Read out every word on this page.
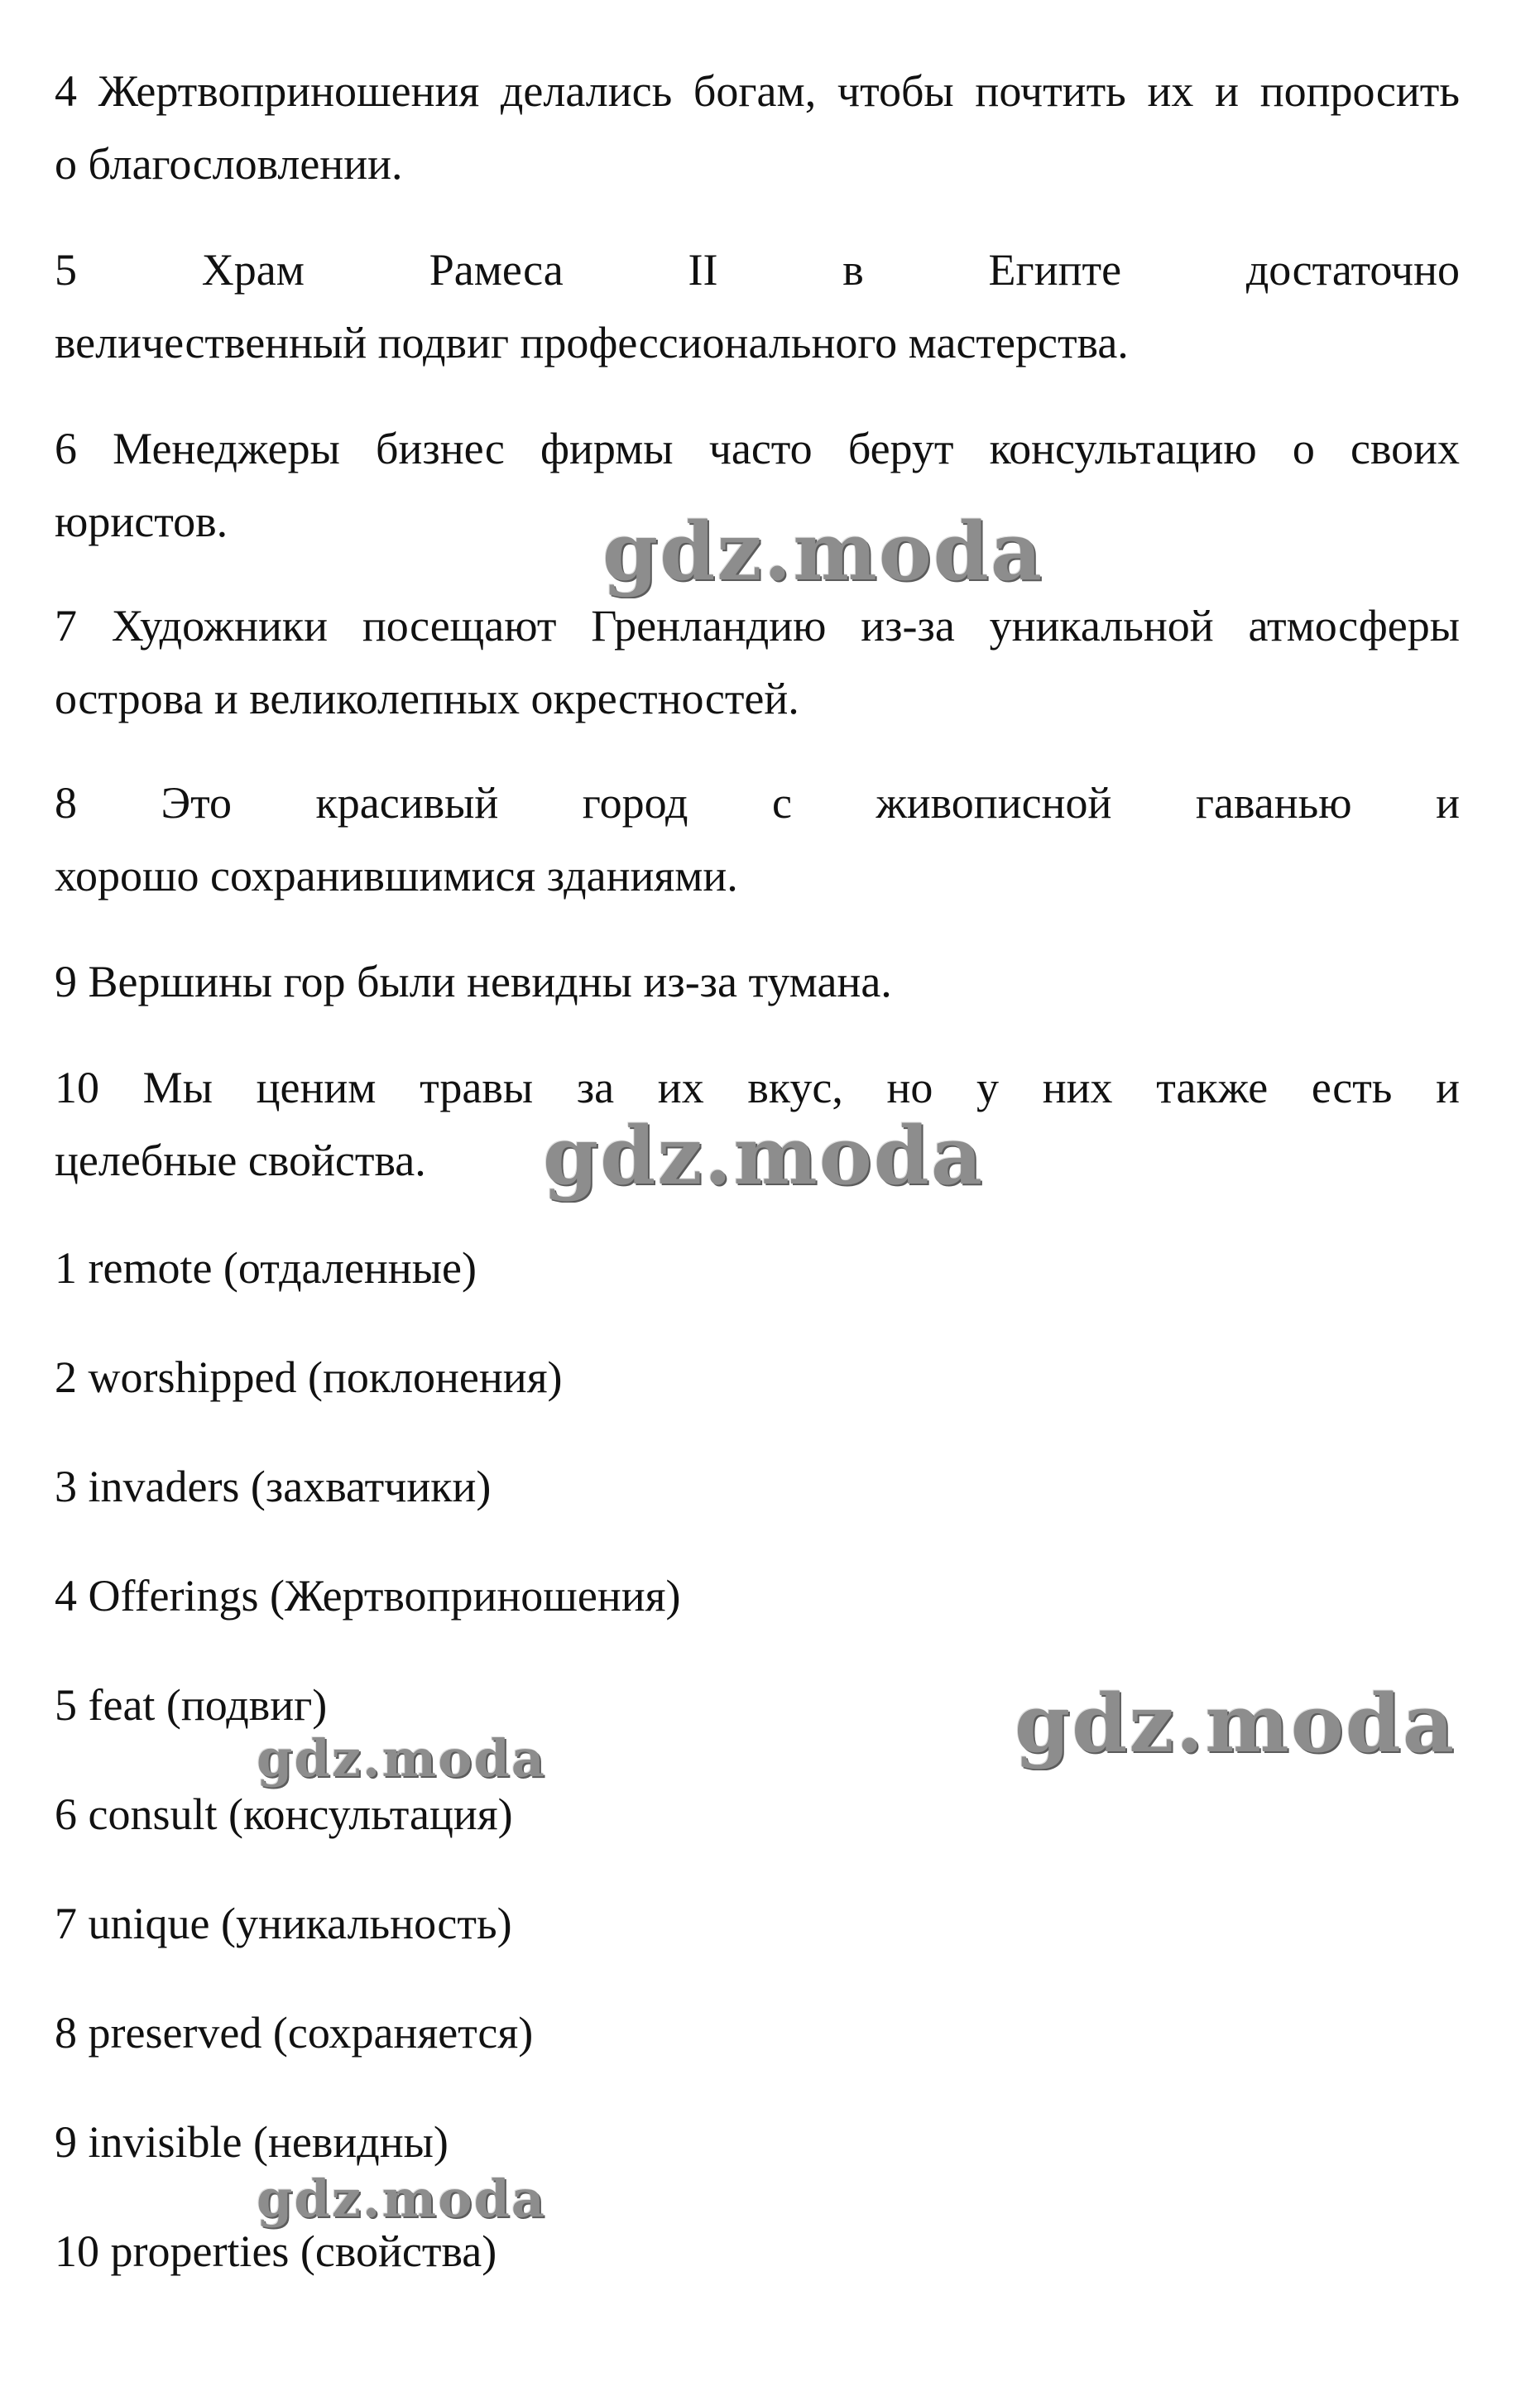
4 Жертвоприношения делались богам, чтобы почтить их и попросить
о благословлении.

5 Храм Рамеса II в Египте достаточно
величественный подвиг профессионального мастерства.

6 Менеджеры бизнес фирмы часто берут консультацию о своих
юристов.

7 Художники посещают Гренландию из-за уникальной атмосферы
острова и великолепных окрестностей.

8 Это красивый город с живописной гаванью и
хорошо сохранившимися зданиями.

9 Вершины гор были невидны из-за тумана.

10 Мы ценим травы за их вкус, но у них также есть и
целебные свойства.

1 remote (отдаленные)

2 worshipped (поклонения)

3 invaders (захватчики)

4 Offerings (Жертвоприношения)

5 feat (подвиг)

6 consult (консультация)

7 unique (уникальность)

8 preserved (сохраняется)

9 invisible (невидны)

10 properties (свойства)

gdz.moda
gdz.moda
gdz.moda
gdz.moda
gdz.moda
